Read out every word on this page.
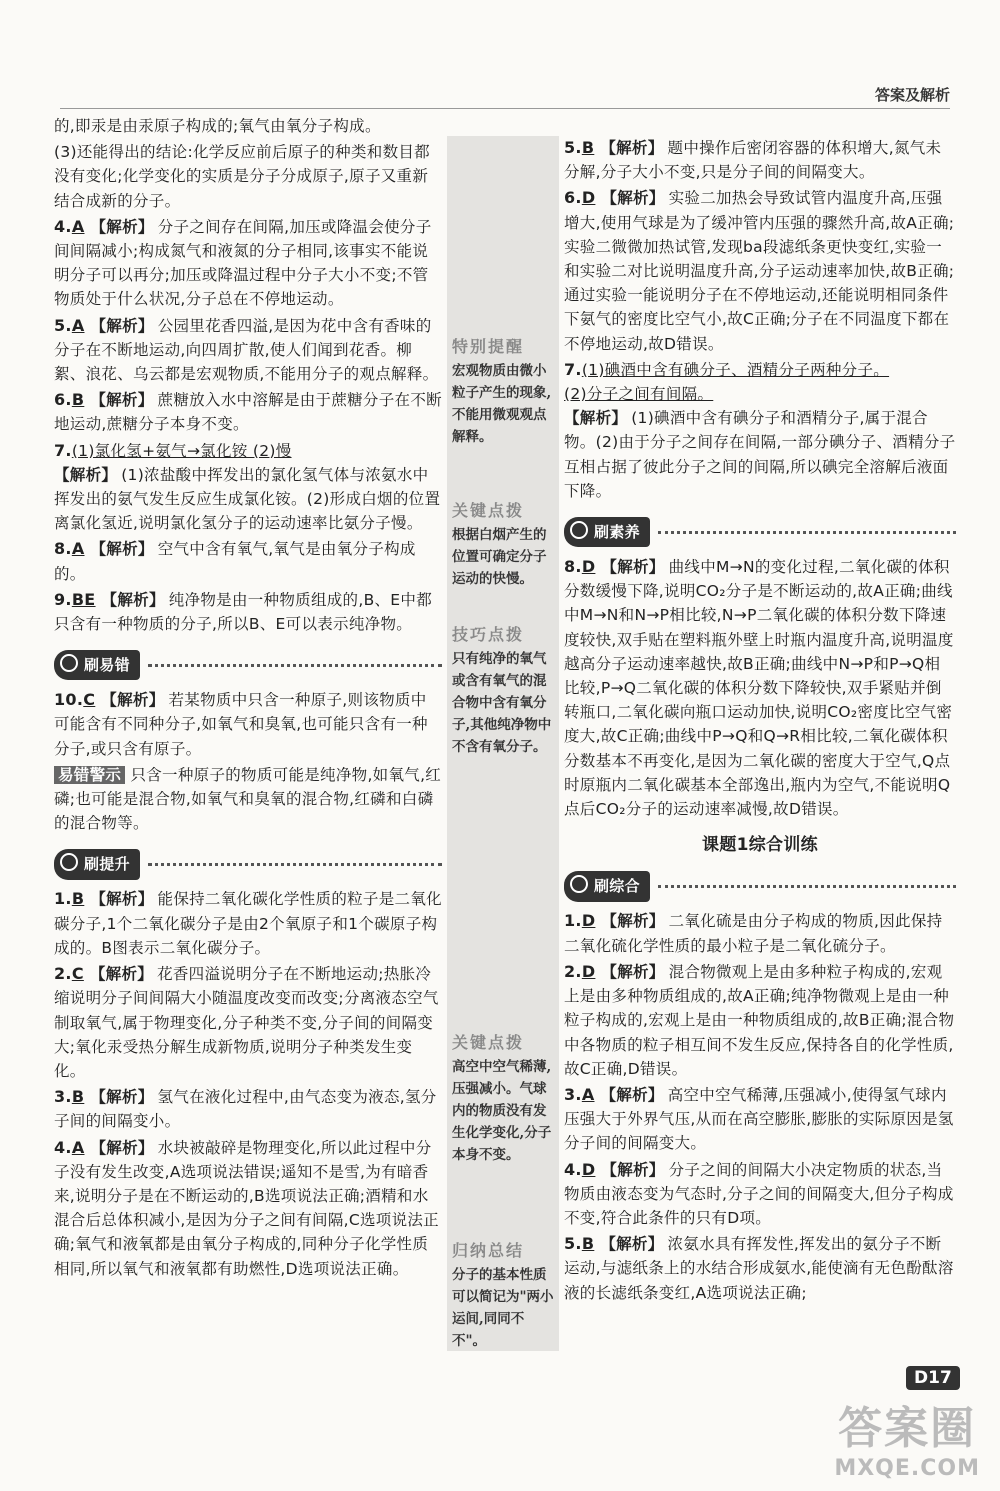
答案及解析

的,即汞是由汞原子构成的;氧气由氧分子构成。

(3)还能得出的结论:化学反应前后原子的种类和数目都没有变化;化学变化的实质是分子分成原子,原子又重新结合成新的分子。

4.A 【解析】 分子之间存在间隔,加压或降温会使分子间间隔减小;构成氮气和液氮的分子相同,该事实不能说明分子可以再分;加压或降温过程中分子大小不变;不管物质处于什么状况,分子总在不停地运动。
5.A 【解析】 公园里花香四溢,是因为花中含有香味的分子在不断地运动,向四周扩散,使人们闻到花香。柳絮、浪花、乌云都是宏观物质,不能用分子的观点解释。
6.B 【解析】 蔗糖放入水中溶解是由于蔗糖分子在不断地运动,蔗糖分子本身不变。
7.(1)氯化氢+氨气→氯化铵 (2)慢
【解析】 (1)浓盐酸中挥发出的氯化氢气体与浓氨水中挥发出的氨气发生反应生成氯化铵。(2)形成白烟的位置离氯化氢近,说明氯化氢分子的运动速率比氨分子慢。
8.A 【解析】 空气中含有氧气,氧气是由氧分子构成的。
9.BE 【解析】 纯净物是由一种物质组成的,B、E中都只含有一种物质的分子,所以B、E可以表示纯净物。
刷易错
10.C 【解析】 若某物质中只含一种原子,则该物质中可能含有不同种分子,如氧气和臭氧,也可能只含有一种分子,或只含有原子。
易错警示 只含一种原子的物质可能是纯净物,如氧气,红磷;也可能是混合物,如氧气和臭氧的混合物,红磷和白磷的混合物等。
刷提升
1.B 【解析】 能保持二氧化碳化学性质的粒子是二氧化碳分子,1个二氧化碳分子是由2个氧原子和1个碳原子构成的。B图表示二氧化碳分子。
2.C 【解析】 花香四溢说明分子在不断地运动;热胀冷缩说明分子间间隔大小随温度改变而改变;分离液态空气制取氧气,属于物理变化,分子种类不变,分子间的间隔变大;氧化汞受热分解生成新物质,说明分子种类发生变化。
3.B 【解析】 氢气在液化过程中,由气态变为液态,氢分子间的间隔变小。
4.A 【解析】 水块被敲碎是物理变化,所以此过程中分子没有发生改变,A选项说法错误;遥知不是雪,为有暗香来,说明分子是在不断运动的,B选项说法正确;酒精和水混合后总体积减小,是因为分子之间有间隔,C选项说法正确;氧气和液氧都是由氧分子构成的,同种分子化学性质相同,所以氧气和液氧都有助燃性,D选项说法正确。
特别提醒
宏观物质由微小粒子产生的现象,不能用微观观点解释。
关键点拨
根据白烟产生的位置可确定分子运动的快慢。
技巧点拨
只有纯净的氧气或含有氧气的混合物中含有氧分子,其他纯净物中不含有氧分子。
关键点拨
高空中空气稀薄,压强减小。气球内的物质没有发生化学变化,分子本身不变。
归纳总结
分子的基本性质可以简记为"两小运间,同同不不"。
5.B 【解析】 题中操作后密闭容器的体积增大,氮气未分解,分子大小不变,只是分子间的间隔变大。
6.D 【解析】 实验二加热会导致试管内温度升高,压强增大,使用气球是为了缓冲管内压强的骤然升高,故A正确;实验二微微加热试管,发现ba段滤纸条更快变红,实验一和实验二对比说明温度升高,分子运动速率加快,故B正确;通过实验一能说明分子在不停地运动,还能说明相同条件下氨气的密度比空气小,故C正确;分子在不同温度下都在不停地运动,故D错误。
7.(1)碘酒中含有碘分子、酒精分子两种分子。
(2)分子之间有间隔。
【解析】 (1)碘酒中含有碘分子和酒精分子,属于混合物。(2)由于分子之间存在间隔,一部分碘分子、酒精分子互相占据了彼此分子之间的间隔,所以碘完全溶解后液面下降。
刷素养
8.D 【解析】 曲线中M→N的变化过程,二氧化碳的体积分数缓慢下降,说明CO₂分子是不断运动的,故A正确;曲线中M→N和N→P相比较,N→P二氧化碳的体积分数下降速度较快,双手贴在塑料瓶外壁上时瓶内温度升高,说明温度越高分子运动速率越快,故B正确;曲线中N→P和P→Q相比较,P→Q二氧化碳的体积分数下降较快,双手紧贴并倒转瓶口,二氧化碳向瓶口运动加快,说明CO₂密度比空气密度大,故C正确;曲线中P→Q和Q→R相比较,二氧化碳体积分数基本不再变化,是因为二氧化碳的密度大于空气,Q点时原瓶内二氧化碳基本全部逸出,瓶内为空气,不能说明Q点后CO₂分子的运动速率减慢,故D错误。
课题1综合训练
刷综合
1.D 【解析】 二氧化硫是由分子构成的物质,因此保持二氧化硫化学性质的最小粒子是二氧化硫分子。
2.D 【解析】 混合物微观上是由多种粒子构成的,宏观上是由多种物质组成的,故A正确;纯净物微观上是由一种粒子构成的,宏观上是由一种物质组成的,故B正确;混合物中各物质的粒子相互间不发生反应,保持各自的化学性质,故C正确,D错误。
3.A 【解析】 高空中空气稀薄,压强减小,使得氢气球内压强大于外界气压,从而在高空膨胀,膨胀的实际原因是氢分子间的间隔变大。
4.D 【解析】 分子之间的间隔大小决定物质的状态,当物质由液态变为气态时,分子之间的间隔变大,但分子构成不变,符合此条件的只有D项。
5.B 【解析】 浓氨水具有挥发性,挥发出的氨分子不断运动,与滤纸条上的水结合形成氨水,能使滴有无色酚酞溶液的长滤纸条变红,A选项说法正确;
D17
答案圈
MXQE.COM
